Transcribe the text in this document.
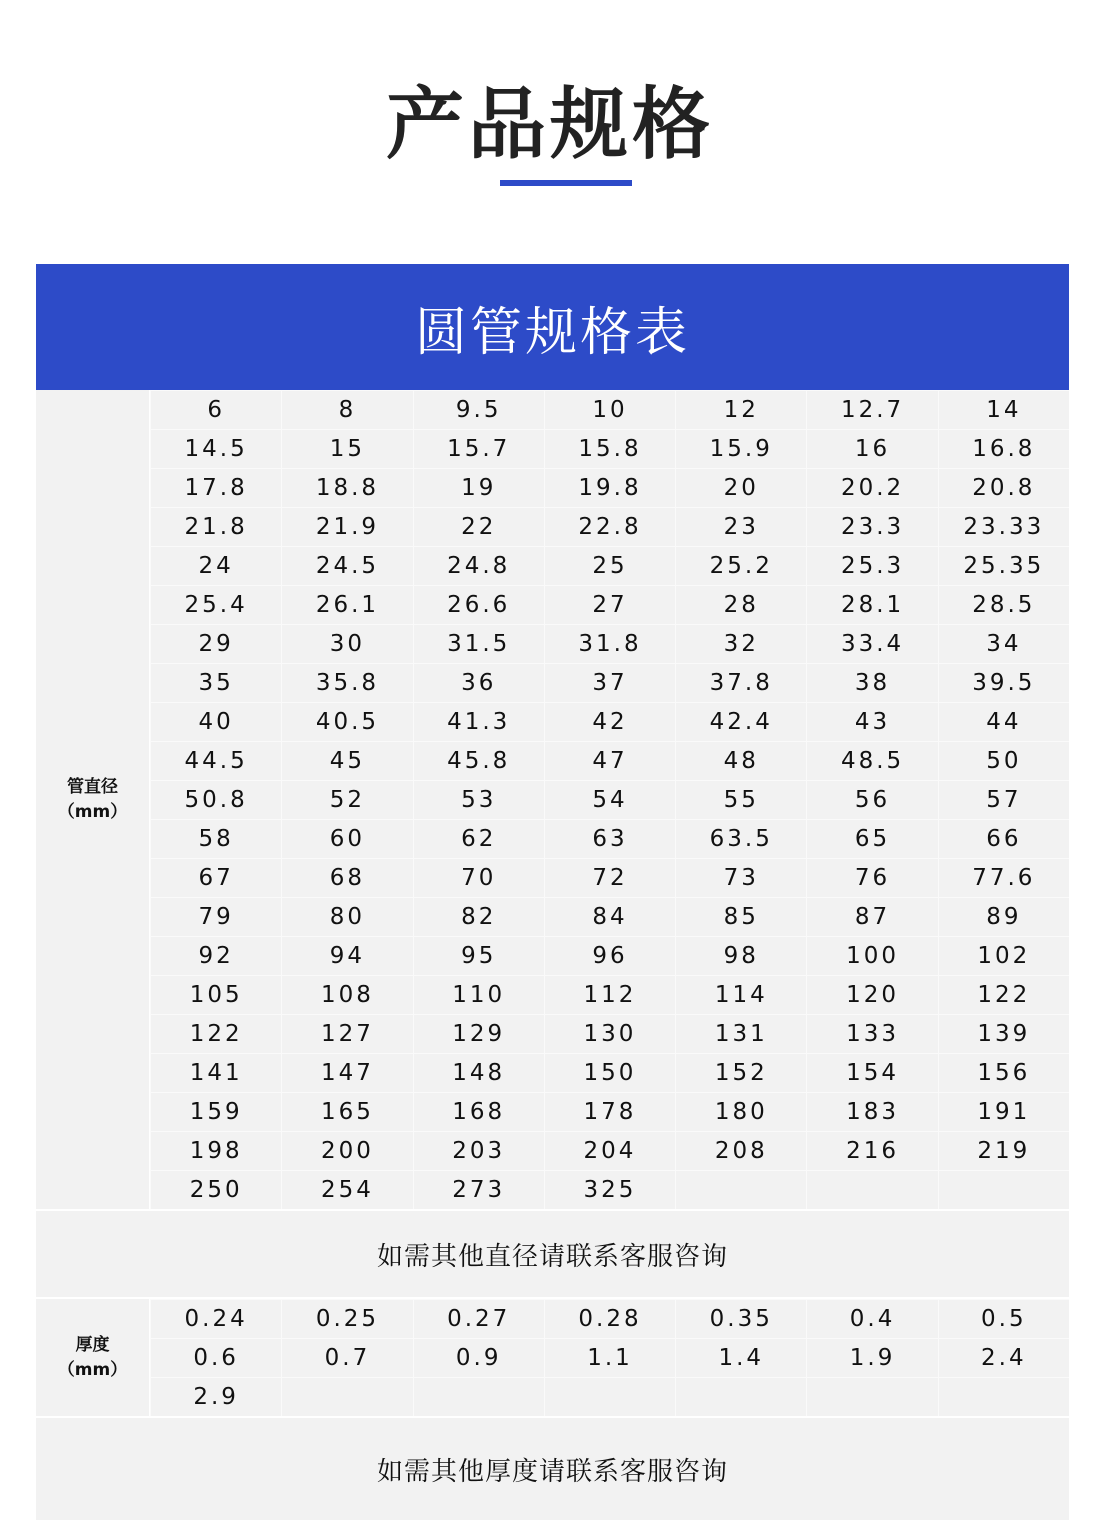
产品规格
圆管规格表
管直径
（mm）
6	8	9.5	10	12	12.7	14
14.5	15	15.7	15.8	15.9	16	16.8
17.8	18.8	19	19.8	20	20.2	20.8
21.8	21.9	22	22.8	23	23.3	23.33
24	24.5	24.8	25	25.2	25.3	25.35
25.4	26.1	26.6	27	28	28.1	28.5
29	30	31.5	31.8	32	33.4	34
35	35.8	36	37	37.8	38	39.5
40	40.5	41.3	42	42.4	43	44
44.5	45	45.8	47	48	48.5	50
50.8	52	53	54	55	56	57
58	60	62	63	63.5	65	66
67	68	70	72	73	76	77.6
79	80	82	84	85	87	89
92	94	95	96	98	100	102
105	108	110	112	114	120	122
122	127	129	130	131	133	139
141	147	148	150	152	154	156
159	165	168	178	180	183	191
198	200	203	204	208	216	219
250	254	273	325
如需其他直径请联系客服咨询
厚度
（mm）
0.24	0.25	0.27	0.28	0.35	0.4	0.5
0.6	0.7	0.9	1.1	1.4	1.9	2.4
2.9
如需其他厚度请联系客服咨询
